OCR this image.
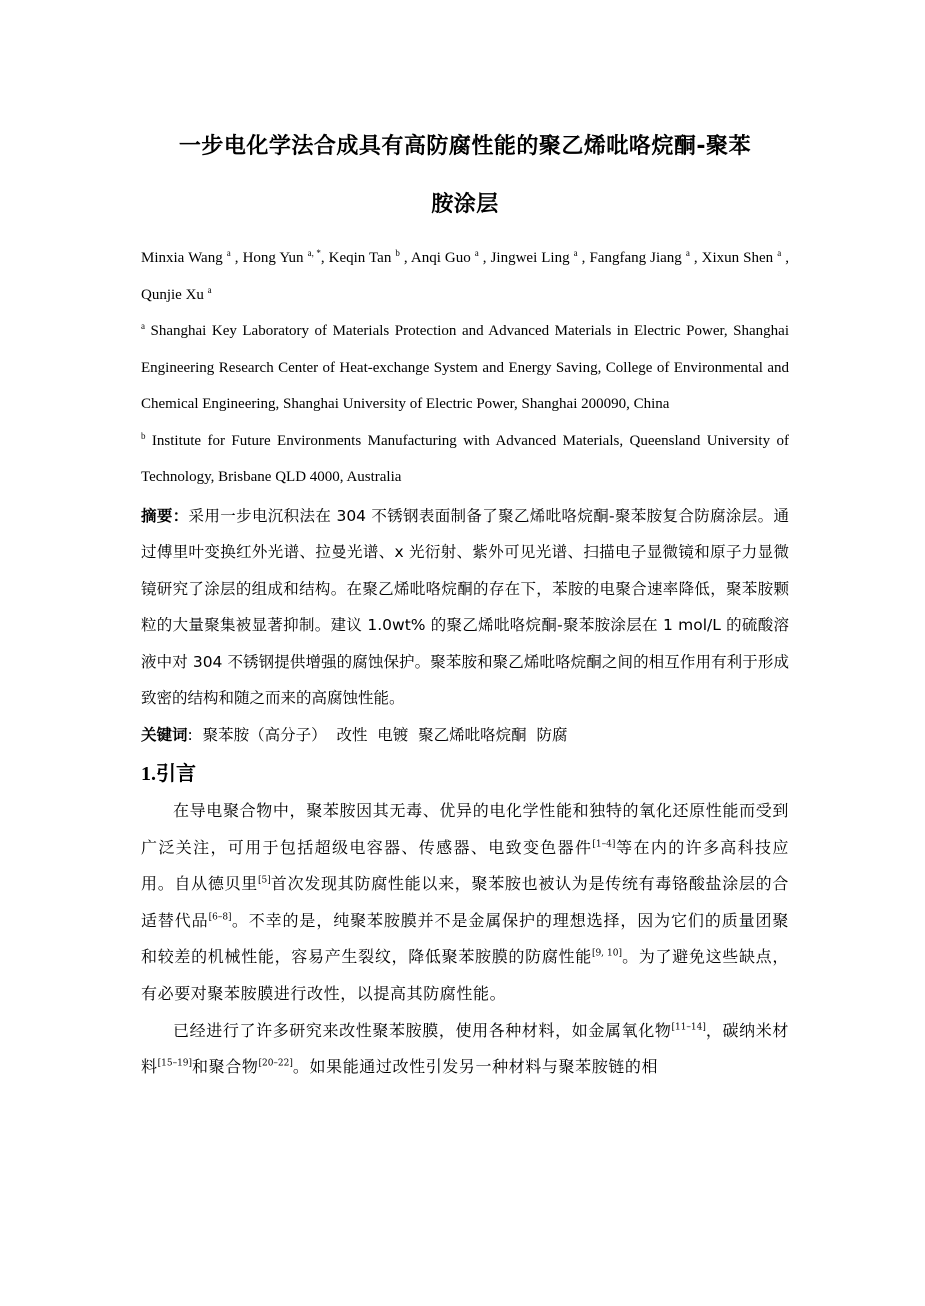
一步电化学法合成具有高防腐性能的聚乙烯吡咯烷酮-聚苯
胺涂层

Minxia Wang $^a$ , Hong Yun $^{a, *}$, Keqin Tan $^b$ , Anqi Guo $^a$ , Jingwei Ling $^a$ , Fangfang Jiang $^a$ , Xixun Shen $^a$ , Qunjie Xu $^a$

$^a$ Shanghai Key Laboratory of Materials Protection and Advanced Materials in Electric Power, Shanghai Engineering Research Center of Heat-exchange System and Energy Saving, College of Environmental and Chemical Engineering, Shanghai University of Electric Power, Shanghai 200090, China

$^b$ Institute for Future Environments Manufacturing with Advanced Materials, Queensland University of Technology, Brisbane QLD 4000, Australia

摘要：采用一步电沉积法在 304 不锈钢表面制备了聚乙烯吡咯烷酮-聚苯胺复合防腐涂层。通过傅里叶变换红外光谱、拉曼光谱、x 光衍射、紫外可见光谱、扫描电子显微镜和原子力显微镜研究了涂层的组成和结构。在聚乙烯吡咯烷酮的存在下，苯胺的电聚合速率降低，聚苯胺颗粒的大量聚集被显著抑制。建议 1.0wt% 的聚乙烯吡咯烷酮-聚苯胺涂层在 1 mol/L 的硫酸溶液中对 304 不锈钢提供增强的腐蚀保护。聚苯胺和聚乙烯吡咯烷酮之间的相互作用有利于形成致密的结构和随之而来的高腐蚀性能。

关键词:  聚苯胺（高分子）  改性  电镀  聚乙烯吡咯烷酮  防腐

1.引言

在导电聚合物中，聚苯胺因其无毒、优异的电化学性能和独特的氧化还原性能而受到广泛关注，可用于包括超级电容器、传感器、电致变色器件[1–4]等在内的许多高科技应用。自从德贝里[5]首次发现其防腐性能以来，聚苯胺也被认为是传统有毒铬酸盐涂层的合适替代品[6–8]。不幸的是，纯聚苯胺膜并不是金属保护的理想选择，因为它们的质量团聚和较差的机械性能，容易产生裂纹，降低聚苯胺膜的防腐性能[9, 10]。为了避免这些缺点，有必要对聚苯胺膜进行改性，以提高其防腐性能。

已经进行了许多研究来改性聚苯胺膜，使用各种材料，如金属氧化物[11–14]，碳纳米材料[15–19]和聚合物[20–22]。如果能通过改性引发另一种材料与聚苯胺链的相
